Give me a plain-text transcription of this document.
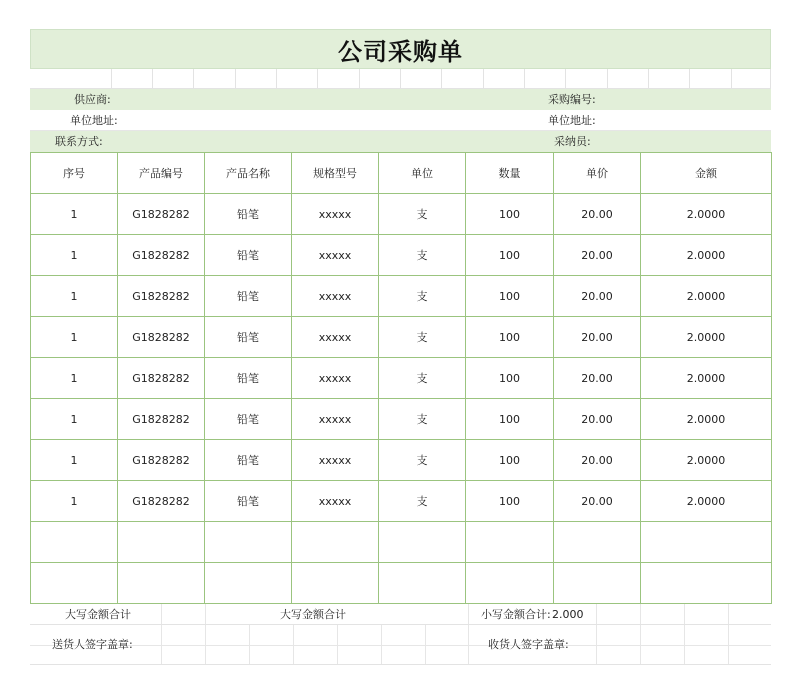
公司采购单
供应商:	采购编号:
单位地址:	单位地址:
联系方式:	采纳员:
序号	产品编号	产品名称	规格型号	单位	数量	单价	金额
1	G1828282	铅笔	xxxxx	支	100	20.00	2.0000
1	G1828282	铅笔	xxxxx	支	100	20.00	2.0000
1	G1828282	铅笔	xxxxx	支	100	20.00	2.0000
1	G1828282	铅笔	xxxxx	支	100	20.00	2.0000
1	G1828282	铅笔	xxxxx	支	100	20.00	2.0000
1	G1828282	铅笔	xxxxx	支	100	20.00	2.0000
1	G1828282	铅笔	xxxxx	支	100	20.00	2.0000
1	G1828282	铅笔	xxxxx	支	100	20.00	2.0000

大写金额合计	大写金额合计	小写金额合计: 2.000
送货人签字盖章:	收货人签字盖章:
